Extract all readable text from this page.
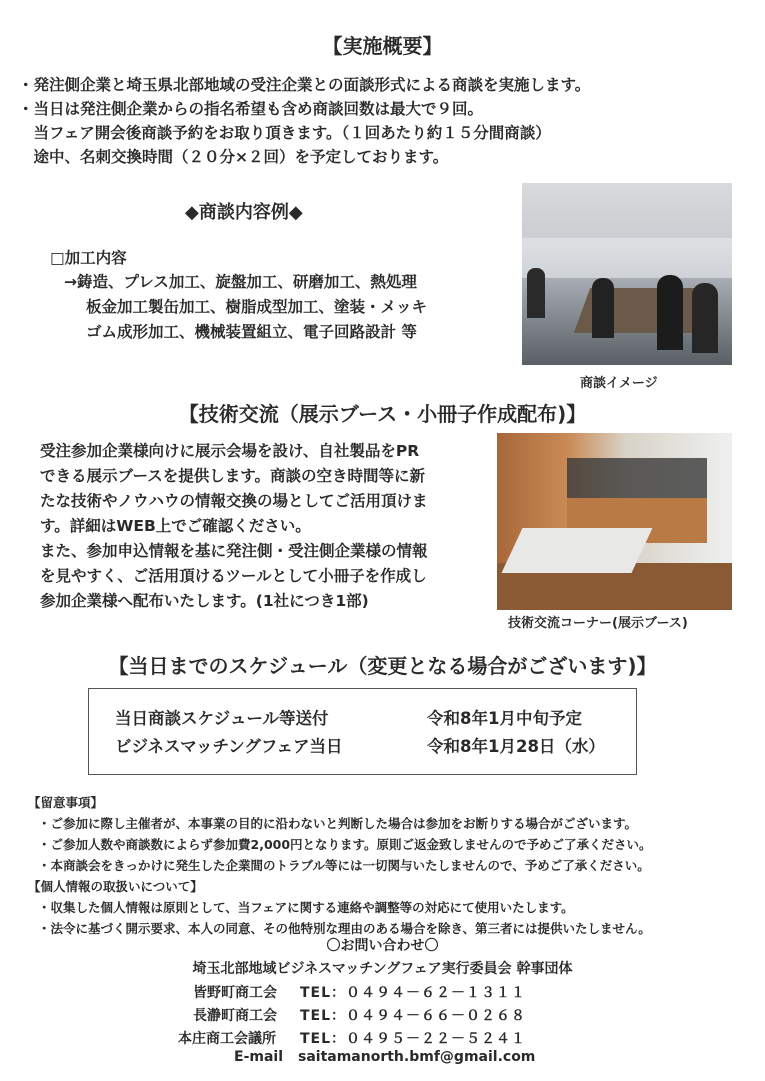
【実施概要】
・発注側企業と埼玉県北部地域の受注企業との面談形式による商談を実施します。
・当日は発注側企業からの指名希望も含め商談回数は最大で９回。
　当フェア開会後商談予約をお取り頂きます。（１回あたり約１５分間商談）
　途中、名刺交換時間（２０分×２回）を予定しております。
◆商談内容例◆
□加工内容
→鋳造、プレス加工、旋盤加工、研磨加工、熱処理
板金加工製缶加工、樹脂成型加工、塗装・メッキ
ゴム成形加工、機械装置組立、電子回路設計 等
商談イメージ
【技術交流（展示ブース・小冊子作成配布)】
受注参加企業様向けに展示会場を設け、自社製品をPR
できる展示ブースを提供します。商談の空き時間等に新
たな技術やノウハウの情報交換の場としてご活用頂けま
す。詳細はWEB上でご確認ください。
また、参加申込情報を基に発注側・受注側企業様の情報
を見やすく、ご活用頂けるツールとして小冊子を作成し
参加企業様へ配布いたします。(1社につき1部)
技術交流コーナー(展示ブース)
【当日までのスケジュール（変更となる場合がございます)】
当日商談スケジュール等送付	令和8年1月中旬予定
ビジネスマッチングフェア当日	令和8年1月28日（水）
【留意事項】
・ご参加に際し主催者が、本事業の目的に沿わないと判断した場合は参加をお断りする場合がございます。
・ご参加人数や商談数によらず参加費2,000円となります。原則ご返金致しませんので予めご了承ください。
・本商談会をきっかけに発生した企業間のトラブル等には一切関与いたしませんので、予めご了承ください。
【個人情報の取扱いについて】
・収集した個人情報は原則として、当フェアに関する連絡や調整等の対応にて使用いたします。
・法令に基づく開示要求、本人の同意、その他特別な理由のある場合を除き、第三者には提供いたしません。
〇お問い合わせ〇
埼玉北部地域ビジネスマッチングフェア実行委員会 幹事団体
皆野町商工会 TEL：０４９４－６２－１３１１
長瀞町商工会 TEL：０４９４－６６－０２６８
本庄商工会議所 TEL：０４９５－２２－５２４１
E-mail saitamanorth.bmf@gmail.com
